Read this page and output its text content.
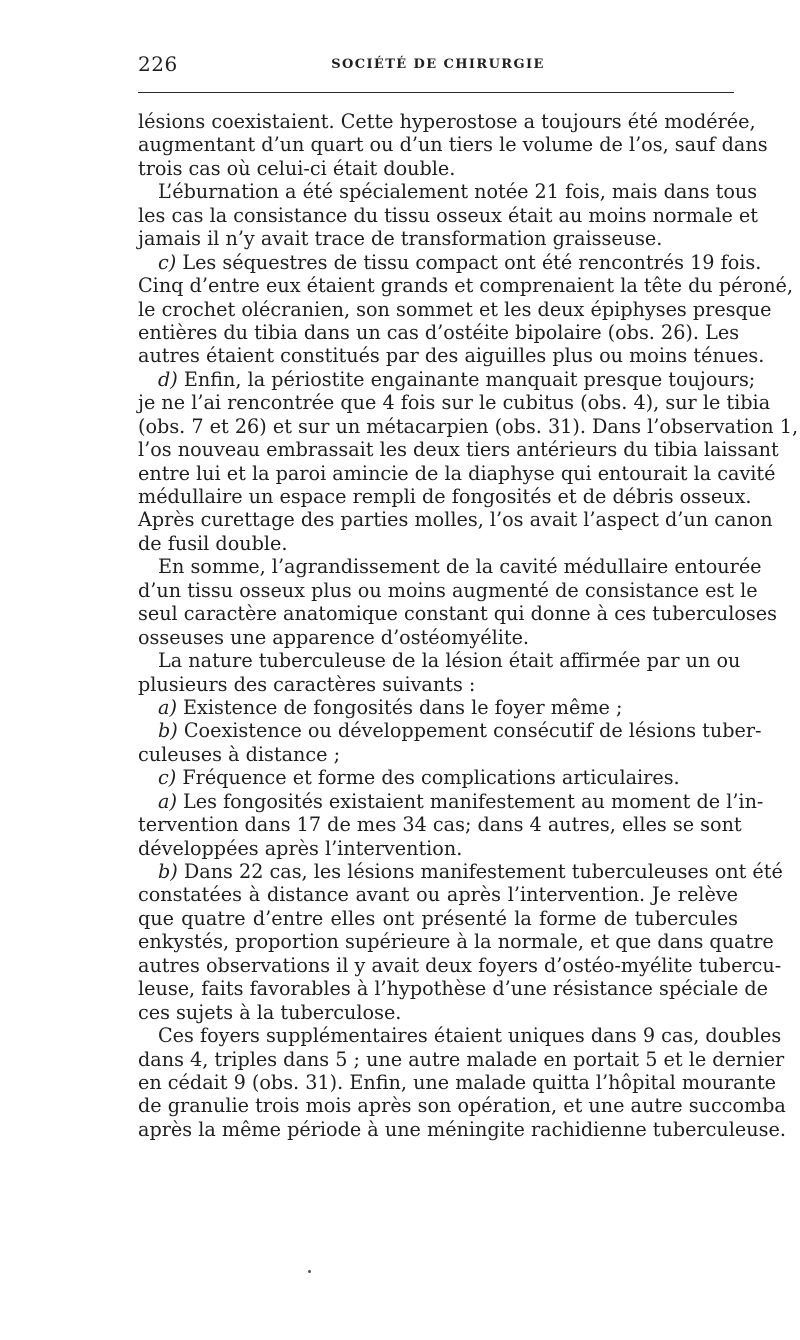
226	SOCIÉTÉ DE CHIRURGIE
lésions coexistaient. Cette hyperostose a toujours été modérée,
augmentant d’un quart ou d’un tiers le volume de l’os, sauf dans
trois cas où celui-ci était double.
L’éburnation a été spécialement notée 21 fois, mais dans tous
les cas la consistance du tissu osseux était au moins normale et
jamais il n’y avait trace de transformation graisseuse.
c) Les séquestres de tissu compact ont été rencontrés 19 fois.
Cinq d’entre eux étaient grands et comprenaient la tête du péroné,
le crochet olécranien, son sommet et les deux épiphyses presque
entières du tibia dans un cas d’ostéite bipolaire (obs. 26). Les
autres étaient constitués par des aiguilles plus ou moins ténues.
d) Enfin, la périostite engainante manquait presque toujours;
je ne l’ai rencontrée que 4 fois sur le cubitus (obs. 4), sur le tibia
(obs. 7 et 26) et sur un métacarpien (obs. 31). Dans l’observation 1,
l’os nouveau embrassait les deux tiers antérieurs du tibia laissant
entre lui et la paroi amincie de la diaphyse qui entourait la cavité
médullaire un espace rempli de fongosités et de débris osseux.
Après curettage des parties molles, l’os avait l’aspect d’un canon
de fusil double.
En somme, l’agrandissement de la cavité médullaire entourée
d’un tissu osseux plus ou moins augmenté de consistance est le
seul caractère anatomique constant qui donne à ces tuberculoses
osseuses une apparence d’ostéomyélite.
La nature tuberculeuse de la lésion était affirmée par un ou
plusieurs des caractères suivants :
a) Existence de fongosités dans le foyer même ;
b) Coexistence ou développement consécutif de lésions tuber-
culeuses à distance ;
c) Fréquence et forme des complications articulaires.
a) Les fongosités existaient manifestement au moment de l’in-
tervention dans 17 de mes 34 cas; dans 4 autres, elles se sont
développées après l’intervention.
b) Dans 22 cas, les lésions manifestement tuberculeuses ont été
constatées à distance avant ou après l’intervention. Je relève
que quatre d’entre elles ont présenté la forme de tubercules
enkystés, proportion supérieure à la normale, et que dans quatre
autres observations il y avait deux foyers d’ostéo-myélite tubercu-
leuse, faits favorables à l’hypothèse d’une résistance spéciale de
ces sujets à la tuberculose.
Ces foyers supplémentaires étaient uniques dans 9 cas, doubles
dans 4, triples dans 5 ; une autre malade en portait 5 et le dernier
en cédait 9 (obs. 31). Enfin, une malade quitta l’hôpital mourante
de granulie trois mois après son opération, et une autre succomba
après la même période à une méningite rachidienne tuberculeuse.
